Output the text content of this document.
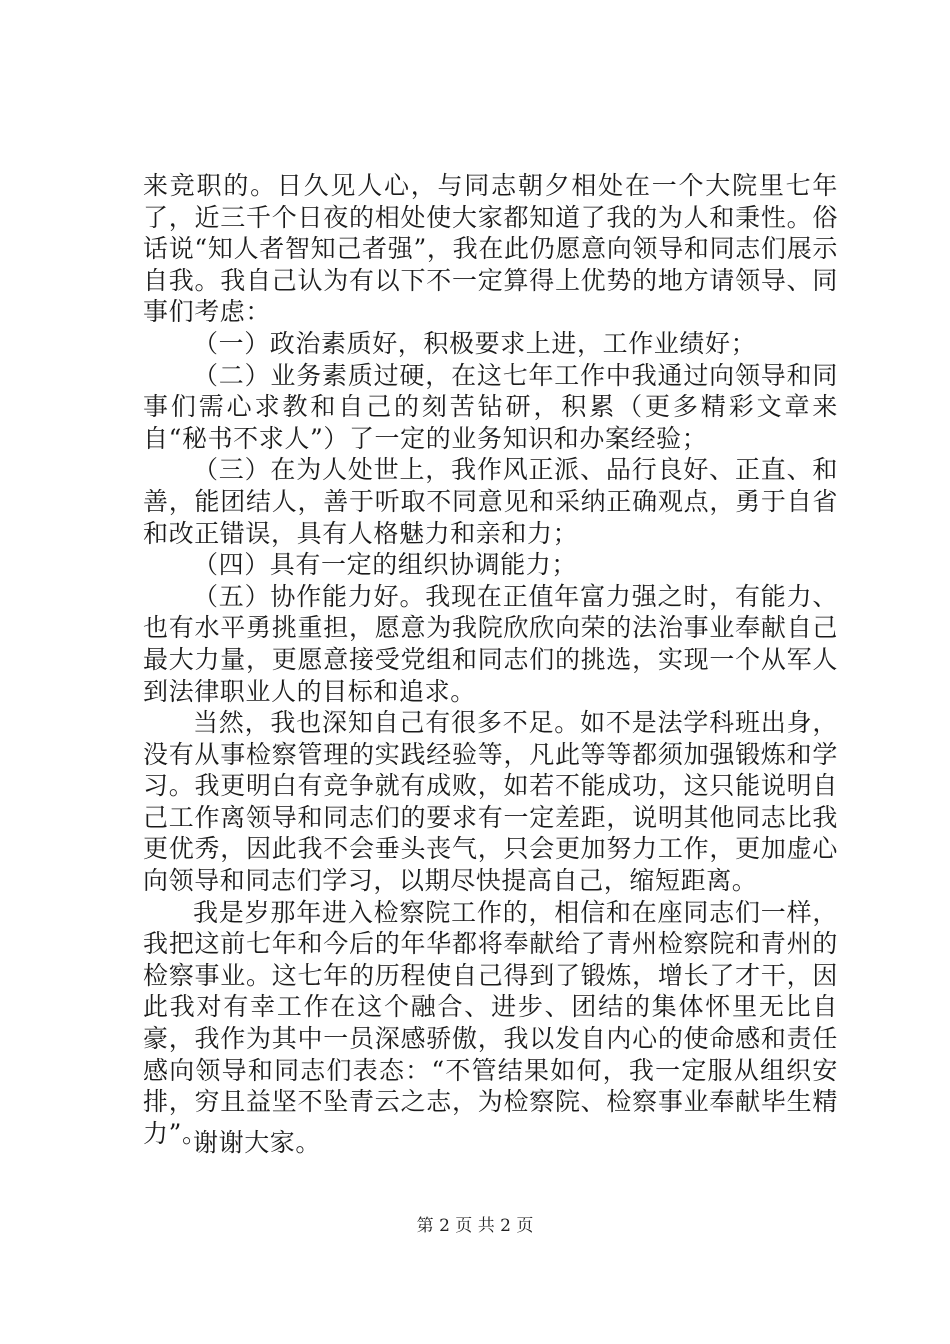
来竞职的。日久见人心，与同志朝夕相处在一个大院里七年了，近三千个日夜的相处使大家都知道了我的为人和秉性。俗话说“知人者智知己者强”，我在此仍愿意向领导和同志们展示自我。我自己认为有以下不一定算得上优势的地方请领导、同事们考虑：

（一）政治素质好，积极要求上进，工作业绩好；

（二）业务素质过硬，在这七年工作中我通过向领导和同事们需心求教和自己的刻苦钻研，积累（更多精彩文章来自“秘书不求人”）了一定的业务知识和办案经验；

（三）在为人处世上，我作风正派、品行良好、正直、和善，能团结人，善于听取不同意见和采纳正确观点，勇于自省和改正错误，具有人格魅力和亲和力；

（四）具有一定的组织协调能力；

（五）协作能力好。我现在正值年富力强之时，有能力、也有水平勇挑重担，愿意为我院欣欣向荣的法治事业奉献自己最大力量，更愿意接受党组和同志们的挑选，实现一个从军人到法律职业人的目标和追求。

当然，我也深知自己有很多不足。如不是法学科班出身，没有从事检察管理的实践经验等，凡此等等都须加强锻炼和学习。我更明白有竞争就有成败，如若不能成功，这只能说明自己工作离领导和同志们的要求有一定差距，说明其他同志比我更优秀，因此我不会垂头丧气，只会更加努力工作，更加虚心向领导和同志们学习，以期尽快提高自己，缩短距离。

我是岁那年进入检察院工作的，相信和在座同志们一样，我把这前七年和今后的年华都将奉献给了青州检察院和青州的检察事业。这七年的历程使自己得到了锻炼，增长了才干，因此我对有幸工作在这个融合、进步、团结的集体怀里无比自豪，我作为其中一员深感骄傲，我以发自内心的使命感和责任感向领导和同志们表态：“不管结果如何，我一定服从组织安排，穷且益坚不坠青云之志，为检察院、检察事业奉献毕生精力”。

谢谢大家。

第 2 页 共 2 页
